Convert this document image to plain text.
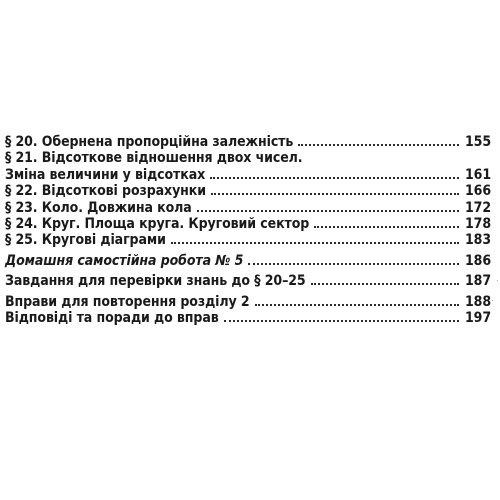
§ 20. Обернена пропорційна залежність	155
§ 21. Відсоткове відношення двох чисел.
Зміна величини у відсотках	161
§ 22. Відсоткові розрахунки	166
§ 23. Коло. Довжина кола	172
§ 24. Круг. Площа круга. Круговий сектор	178
§ 25. Кругові діаграми	183
Домашня самостійна робота № 5	186
Завдання для перевірки знань до § 20–25	187
Вправи для повторення розділу 2	188
Відповіді та поради до вправ	197
